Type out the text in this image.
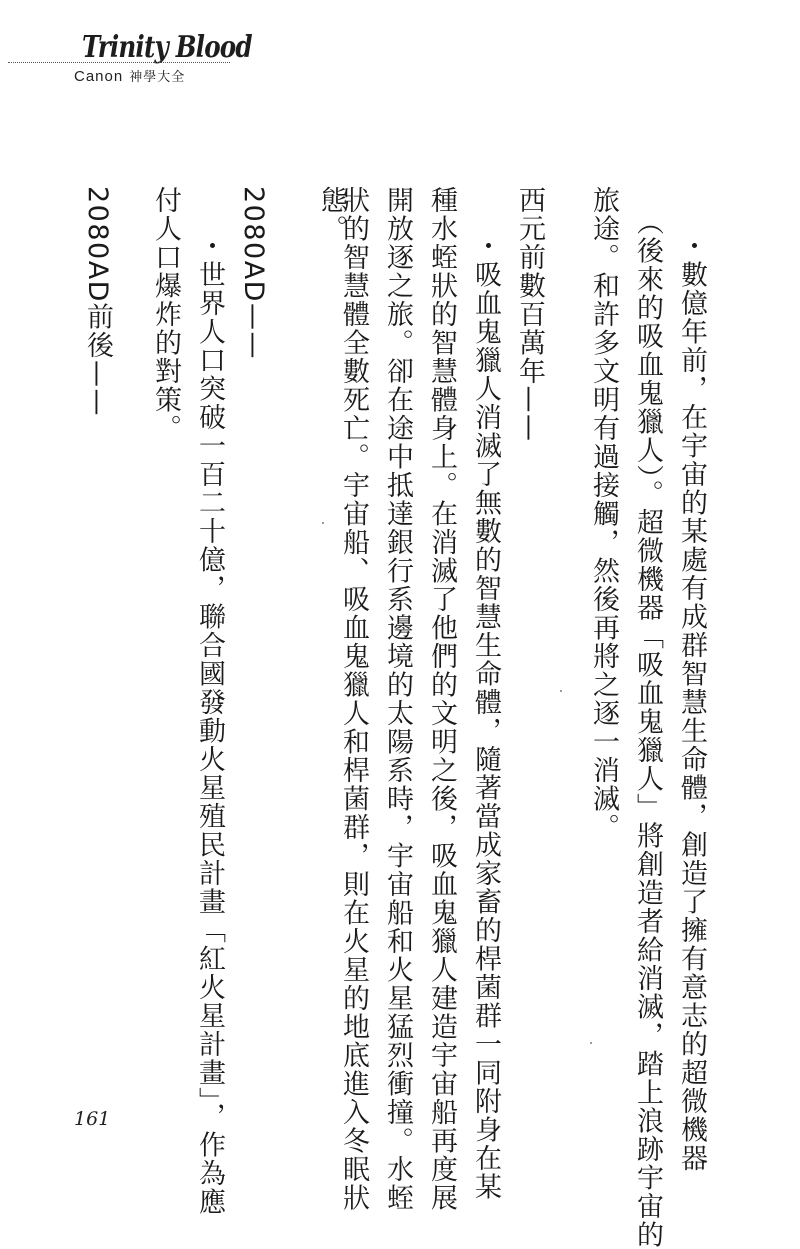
Trinity Blood
Canon 神學大全
・數億年前，在宇宙的某處有成群智慧生命體，創造了擁有意志的超微機器
（後來的吸血鬼獵人）。超微機器「吸血鬼獵人」將創造者給消滅，踏上浪跡宇宙的
旅途。和許多文明有過接觸，然後再將之逐一消滅。
西元前數百萬年——
・吸血鬼獵人消滅了無數的智慧生命體，隨著當成家畜的桿菌群一同附身在某
種水蛭狀的智慧體身上。在消滅了他們的文明之後，吸血鬼獵人建造宇宙船再度展
開放逐之旅。卻在途中抵達銀行系邊境的太陽系時，宇宙船和火星猛烈衝撞。水蛭
狀的智慧體全數死亡。宇宙船、吸血鬼獵人和桿菌群，則在火星的地底進入冬眠狀
態。
2080AD——
・世界人口突破一百二十億，聯合國發動火星殖民計畫「紅火星計畫」，作為應
付人口爆炸的對策。
2080AD前後——
161
